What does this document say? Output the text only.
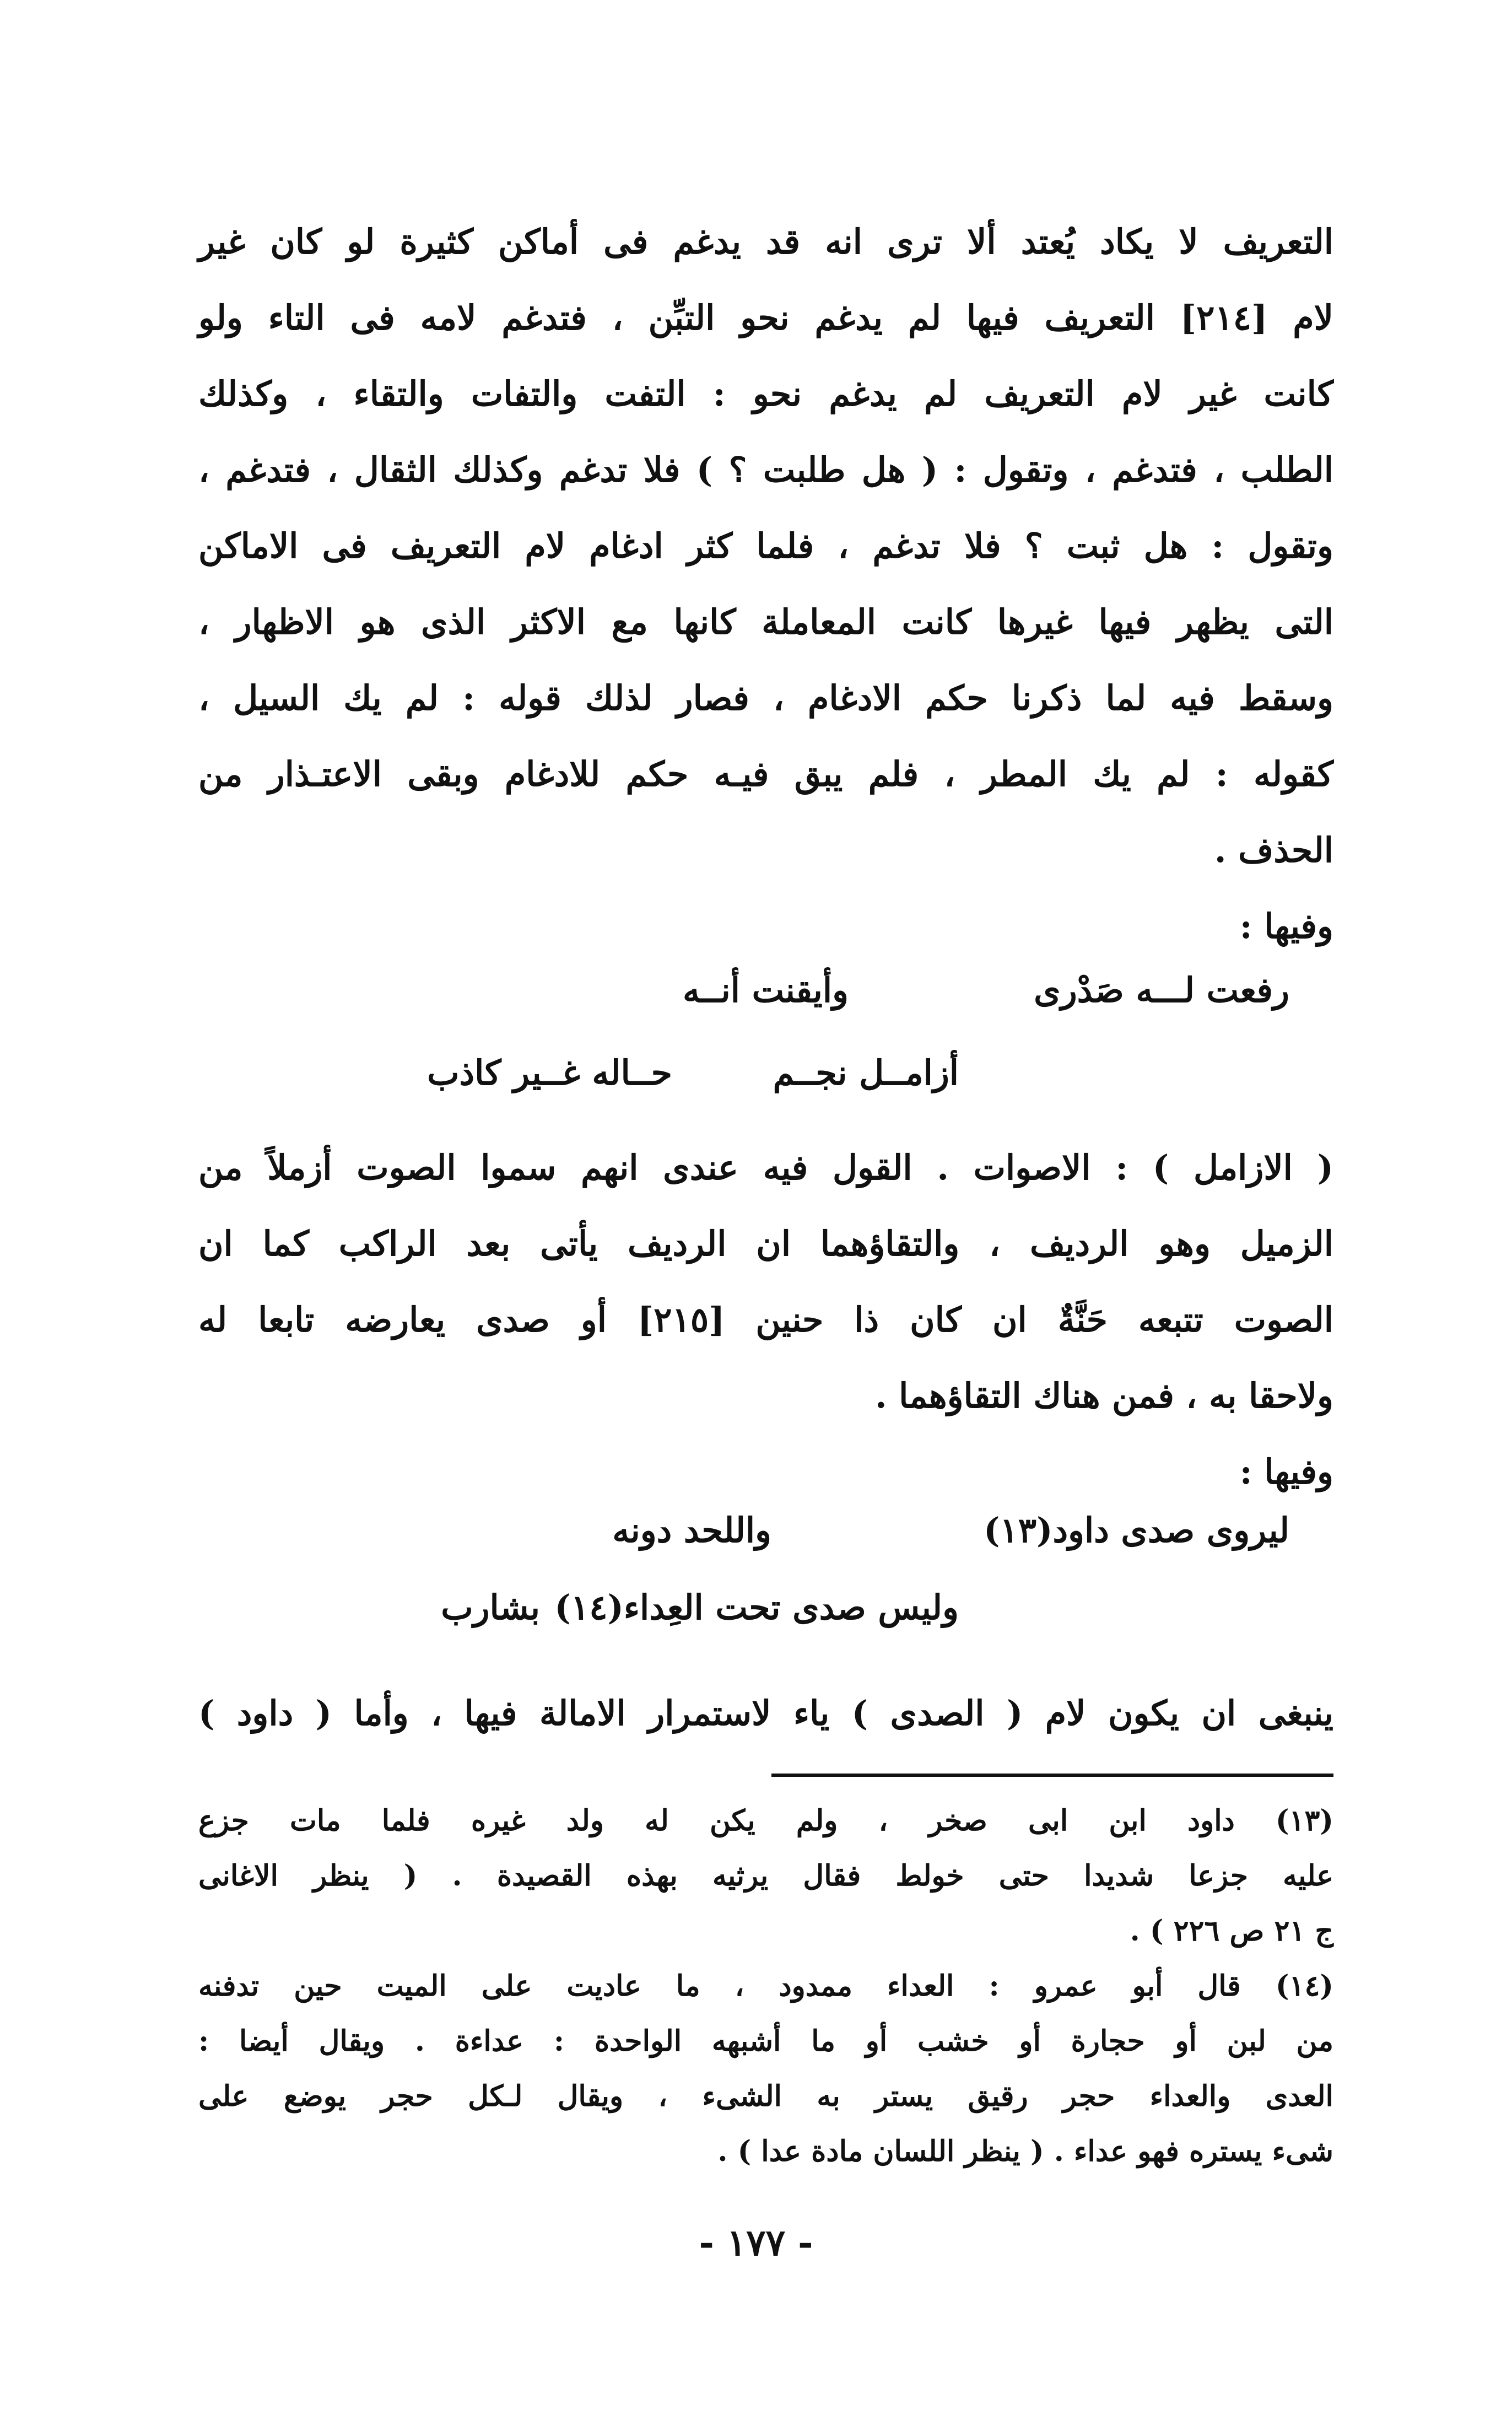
التعريف لا يكاد يُعتد ألا ترى انه قد يدغم فى أماكن كثيرة لو كان غير

لام [٢١٤] التعريف فيها لم يدغم نحو التبِّن ، فتدغم لامه فى التاء ولو

كانت غير لام التعريف لم يدغم نحو : التفت والتفات والتقاء ، وكذلك

الطلب ، فتدغم ، وتقول : ( هل طلبت ؟ ) فلا تدغم وكذلك الثقال ، فتدغم ،

وتقول : هل ثبت ؟ فلا تدغم ، فلما كثر ادغام لام التعريف فى الاماكن

التى يظهر فيها غيرها كانت المعاملة كانها مع الاكثر الذى هو الاظهار ،

وسقط فيه لما ذكرنا حكم الادغام ، فصار لذلك قوله : لم يك السيل ،

كقوله : لم يك المطر ، فلم يبق فيـه حكم للادغام وبقى الاعتـذار من

الحذف .

وفيها :

رفعت لـــه صَدْرى
وأيقنت أنــه
أزامــل نجــم
حــاله غــير كاذب

( الازامل ) : الاصوات . القول فيه عندى انهم سموا الصوت أزملاً من

الزميل وهو الرديف ، والتقاؤهما ان الرديف يأتى بعد الراكب كما ان

الصوت تتبعه حَنَّةٌ ان كان ذا حنين [٢١٥] أو صدى يعارضه تابعا له

ولاحقا به ، فمن هناك التقاؤهما .

وفيها :

ليروى صدى داود(١٣)
واللحد دونه
وليس صدى تحت العِداء(١٤)
بشارب

ينبغى ان يكون لام ( الصدى ) ياء لاستمرار الامالة فيها ، وأما ( داود )

(١٣) داود ابن ابى صخر ، ولم يكن له ولد غيره فلما مات جزع

عليه جزعا شديدا حتى خولط فقال يرثيه بهذه القصيدة . ( ينظر الاغانى

ج ٢١ ص ٢٢٦ ) .

(١٤) قال أبو عمرو : العداء ممدود ، ما عاديت على الميت حين تدفنه

من لبن أو حجارة أو خشب أو ما أشبهه الواحدة : عداءة . ويقال أيضا :

العدى والعداء حجر رقيق يستر به الشىء ، ويقال لـكل حجر يوضع على

شىء يستره فهو عداء . ( ينظر اللسان مادة عدا ) .

- ١٧٧ -
